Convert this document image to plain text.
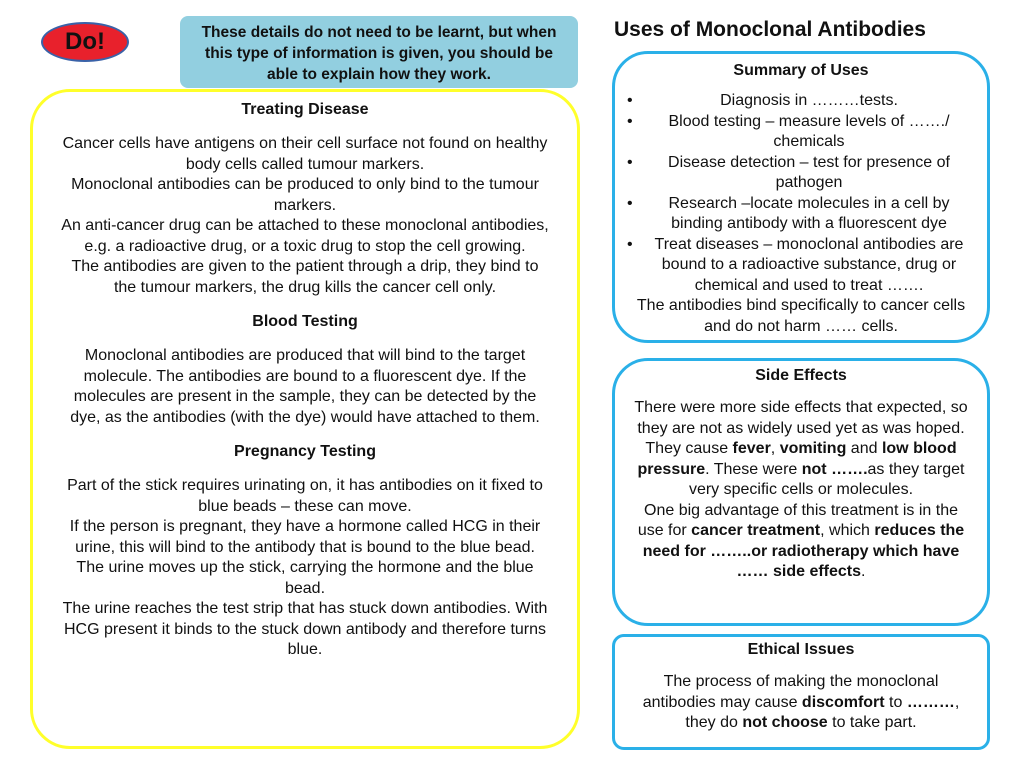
Do!	These details do not need to be learnt, but when this type of information is given, you should be able to explain how they work.
Uses of Monoclonal Antibodies
Treating Disease

Cancer cells have antigens on their cell surface not found on healthy body cells called tumour markers.

Monoclonal antibodies can be produced to only bind to the tumour markers.

An anti-cancer drug can be attached to these monoclonal antibodies, e.g. a radioactive drug, or a toxic drug to stop the cell growing.

The antibodies are given to the patient through a drip, they bind to the tumour markers, the drug kills the cancer cell only.

Blood Testing
Monoclonal antibodies are produced that will bind to the target molecule. The antibodies are bound to a fluorescent dye. If the molecules are present in the sample, they can be detected by the dye, as the antibodies (with the dye) would have attached to them.
Pregnancy Testing

Part of the stick requires urinating on, it has antibodies on it fixed to blue beads – these can move.

If the person is pregnant, they have a hormone called HCG in their urine, this will bind to the antibody that is bound to the blue bead.

The urine moves up the stick, carrying the hormone and the blue bead.

The urine reaches the test strip that has stuck down antibodies. With HCG present it binds to the stuck down antibody and therefore turns blue.

Summary of Uses
• Diagnosis in ………tests.
• Blood testing – measure levels of ……./ chemicals
• Disease detection – test for presence of pathogen
• Research –locate molecules in a cell by binding antibody with a fluorescent dye
• Treat diseases – monoclonal antibodies are bound to a radioactive substance, drug or chemical and used to treat …….

The antibodies bind specifically to cancer cells and do not harm …… cells.

Side Effects
There were more side effects that expected, so they are not as widely used yet as was hoped. They cause fever, vomiting and low blood pressure. These were not …….as they target very specific cells or molecules.
One big advantage of this treatment is in the use for cancer treatment, which reduces the need for ……..or radiotherapy which have …… side effects.
Ethical Issues
The process of making the monoclonal antibodies may cause discomfort to ………, they do not choose to take part.
